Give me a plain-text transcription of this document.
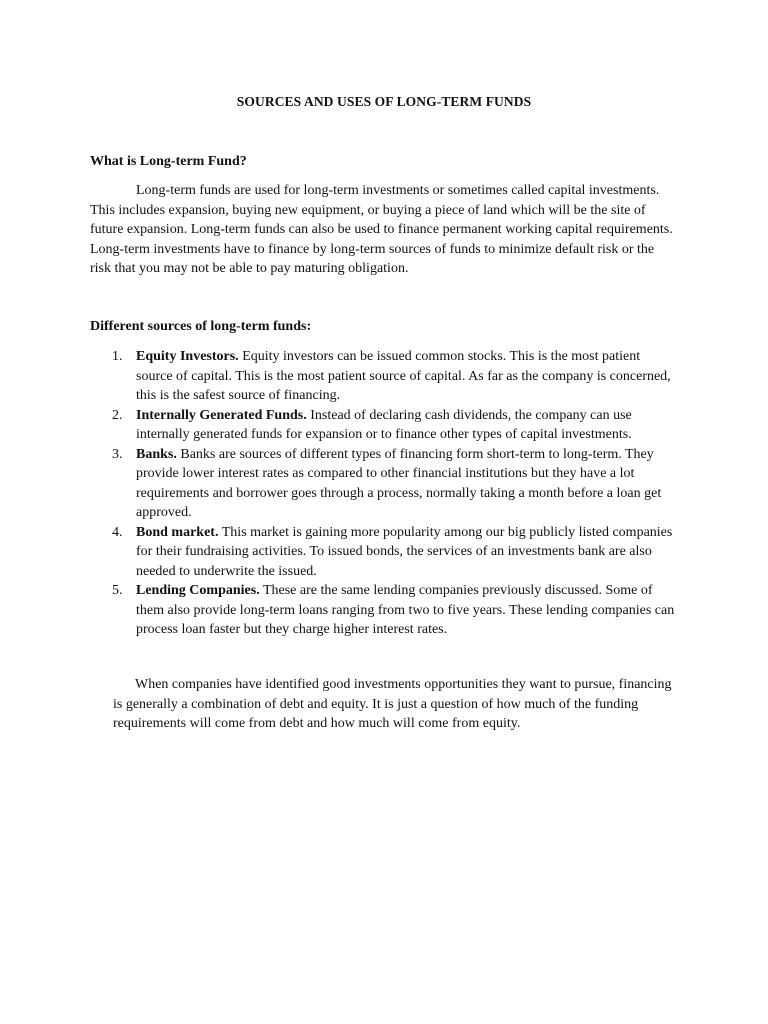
SOURCES AND USES OF LONG-TERM FUNDS
What is Long-term Fund?

Long-term funds are used for long-term investments or sometimes called capital investments. This includes expansion, buying new equipment, or buying a piece of land which will be the site of future expansion. Long-term funds can also be used to finance permanent working capital requirements. Long-term investments have to finance by long-term sources of funds to minimize default risk or the risk that you may not be able to pay maturing obligation.

Different sources of long-term funds:
1. Equity Investors. Equity investors can be issued common stocks. This is the most patient source of capital. This is the most patient source of capital. As far as the company is concerned, this is the safest source of financing.
2. Internally Generated Funds. Instead of declaring cash dividends, the company can use internally generated funds for expansion or to finance other types of capital investments.
3. Banks. Banks are sources of different types of financing form short-term to long-term. They provide lower interest rates as compared to other financial institutions but they have a lot requirements and borrower goes through a process, normally taking a month before a loan get approved.
4. Bond market. This market is gaining more popularity among our big publicly listed companies for their fundraising activities. To issued bonds, the services of an investments bank are also needed to underwrite the issued.
5. Lending Companies. These are the same lending companies previously discussed. Some of them also provide long-term loans ranging from two to five years. These lending companies can process loan faster but they charge higher interest rates.

When companies have identified good investments opportunities they want to pursue, financing is generally a combination of debt and equity. It is just a question of how much of the funding requirements will come from debt and how much will come from equity.
